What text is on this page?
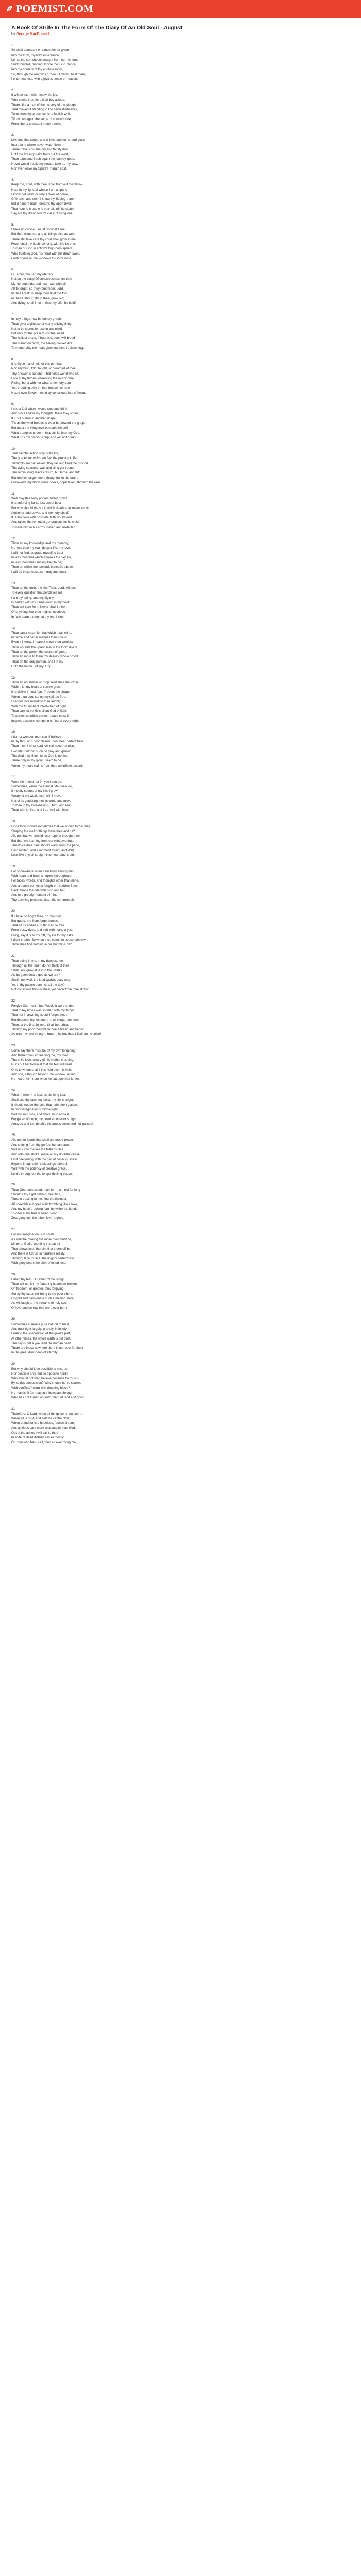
POEMIST.COM
A Book Of Strife In The Form Of The Diary Of An Old Soul - August
by George MacDonald
1.
So shalt abundant entrance me be given
Into the truth, my life's inheritance.
Lo! as the sun shoots straight from out his tomb,
Sunk forward, running, kindle the lucid glance
Into the corners of thy endless room,
So, through the rent which thou, O Christ, hast riven,
I enter fearless, with a joyous sense of heaven.
2.
It will be so, it will, I know the joy;
Who seeks thee for a little boy asleep;
There, like a man of the nursery of the plough,
That thieves it standing in the harvest-sheaves,
Turns from thy presence for a foolish while,
Till comes again the surge of sorrow's tide,
From liberty to distant many a mile.
3.
Like one that stops, and drinks, and turns, and goes
Into a land where never water flows,
There travels on, the dry and thirsty day,
Until the hot night-airs from out the west,
Then turns and fresh again the journey goes;
Never would I build my house, take up my stay,
Nor ever leave my Sprite's margin cost.
4.
Keep me, Lord, with thee. I call from out the dark--
Hear in thy light, at whose I am a spark.
I know not what, or why, I dwell at home,
Of branch and stem I know thy lifeblog thank:
But if a mere hour I breathe thy open dwell,
That hour is breathe is eternal, infinite death:
Say not thy dread tomb's calls: O living one!
5.
I have no choice, I must do what I see;
But thou want me, and all things else as well;
There still take care thy child shall grow in me;
Fever shall thy flesh, be long, with life be one,
To man or God in action's high-born sphere
Who trusts in God, his heart with his death swell,
Forth opens all the windows to God's wind.
6.
O Father, thou art my eternity.
Not on the clasp Of consciousness on thee
My life depends; and I can wait with all
All to forget, so they remember, Lord,
In thee I rest: in sleep thou dost me fold;
In thee I labour; still in thee, grow old;
And dying, shall I not in thee my Life, be bold?
7.
In holy things may be unholy greed.
Thou givst a glimpse of many a living thing,
Not to be stored for use in any mind,
But only for the present spiritual need.
The holiest bread, if hoarded, soon will breed
The mammon moth, the having-canker dire;
To memorably the heart gives out heart quickening.
8.
It is thyself, and neither this nor that,
Nor anything, told, taught, or dreamed of thee,
Thy answer is but one. That fields wend who sit,
Lore at thy throne, observing the mirror pure,
Rising, borst with her what a memory sent
Yet, brooding only on that innocence, she
Heard ever-flower moved by conscious lints of heart.
9.
I see a fool when I would stop and think,
And since I have my thoughts, there they shrink,
If it but outrun in another shape,
'Tis as the wind breeds to wear but toward the grape,
But must the living love beneath the soil
What tramples under in that soil its fear, my God,
What ups thy gracious cup, and will not drink?
10.
Truls faithful action only is the life,
The grapes for which we feel the pruning knife.
Thoughts are but leaves; they fall and feed the ground
The dying seasons, wall and cling gar round;
The reminiscing leaves return, but large, and tuft,
But fresher, larger, more thoughtful to the brain:
Boneward, my Book some books, hope taken, through the rain.
11.
Well may this body poorer, better grow!
It is enforcing for its last sweet best
But why should the soul, which death shall never know,
Authority, and power, and memory shed?
It is that love with obsolete faith would wed,
And raises the remotest generations for its child,
To have him in his arms, naked and undefiled.
12.
Thou art my knowledge and my memory,
No less than my real, deeper life, my love.
I will not find, degrade myself to trust
In less than that which anneals the sky life,
In less than that causing itself to be;
Then art within me, behind, beneath, above:
I will be these because I may and must.
13.
Thou art the truth, the life. Thou, Lord, wilt see
To every question that perplexes me.
I am thy being, and my dignity
Is written with my name down in thy book;
Thou wilt care for it. Never shall I think
Of anything that thou mightst overlook:
In faith learn triumph at thy feet I sink.
14.
Thou canst mean for that which I call mine,
In name and better manner than I could;
Even if I knew, I nearest move thou wouldst;
Thou wouldst thou prest him to the loom divine
Thou art the poem, the source of good;
Thou art more to them my dearest whole brood:
Thou art the only person, and I in my
Unto the better I of 'my' I try.
15.
Thou art no shelter or prop; mild shall that close.
Within, let my heart of sorrow grow;
It is dislike I must fear. Prevent the shape
When thou Lord set up myself too free;
I cannot give myself to thee aright;
With the triumphant intertwined of right
Thou cannot be life's silent God of light,
To perfect sacrifice perfect peace must fit,
Inspire, possess, compel me, first of every night.
16.
I do not wonder, men can ill believe
In thy thou and poor claims upon thee, perfect free:
Then most I must seek should never receive,
I wonder not that such do pray and grieve:
The God they think, to be God is not he.
There only in thy glory I seem to be,
When my heart claims from thee an infinite accord.
17.
Were life I need not I myself can be,
Sometimes, when the eternal tide does low,
It mostly seems of my life; I grow
Weary of my weakness' will; I move
Not of its gladsting, not its world and move
To thee in thy love-making, I turn, and lean
Thou with it I live, and I do well with thee.
18.
Once thou moved sometimes that we should forget thee,
Shaping the well of things have thee and us?
Ah, not that we should lose hope at thought thee,
But that, we learning from our windows thus,
The Voice thee blue should warm from the pane,
Gain molted, and a moment found; and Wait.
Look like thyself straight into heart and brain.
19.
For somewhere when I am busy among men,
With heart and brain an open thoroughfare
For faces, words, and thoughts other than mine,
And a pause comes at length-oh, sudden Bees,
Back throbs the tide with rush and fair.
And to a greatly moment of mine
Thy dawning presence flush the common air.
20.
If I have no bright thee, do thou not
But guard, me from forgetfulness;
That all its endless, truthful as be free
From dusty rives, and soft with many a yes:
Bring, say it is to thy gift, thy life for my sake
I did it breath. So when thou comst to house unknown,
Thou shalt find nothing in me but thine own.
21.
Thou being in me, in my deepest me,
Through all the time I do not think of thee,
Shall I not grow at last to thou walk?
As burgeon dost a god as we are?
Shall I not walk the loud world's busy way,
Yet in thy palace porch sit all the day?
Not conscious think of thee, yet never from thee stray?
22.
Forgive Oh, must it but! Would it were ended!
That many times was so filled with my father
That not in anything could I forget thee;
But deepest, highest more in all things attended
Then, at the first, in love, till all be rather,
Though my poor thought ta thee it bread and better.
As now my best thought, breath, before thee killed, and scatter!
23.
Some say there must be of my own forgetting,
And thither thou art leading me, my God.
The child love, weary of his mother's petting,
Runs out her loveliest that his feet will lead;
Only to whom shall I this field over his hair,
And she, although beyond the window setting,
No nearer him than when he sat upon her knees.
24.
What if, when I at last, as the long lost,
Shall see thy face, my Lord, my life is bright,
It should not be the face that hath been glassed
In poor imagination's mirror-sight!
Will thy soul sink, and shall I loud aghast,
Beggared of hope, my heart a conscious night,
Amazed and lost death's bitterness come and not passed!
25.
Ah, not for Iconic that shall are mood peace,
And shining from thy perfect human face,
Will sink into me like the father's face,
And with one stroke, make all my doubtful cease,
Find deepening, with the gulf of consciousness
Beyond imagination's blessings offered,
Will, with the potency of creative grace,
Lord's throughout the longer thrilling peace.
26.
Thou God-possessed, man-form, ah, not for long
Should I thy sight behold, beautiful,
Trust in trusting in me, find the thinnest
All speechless hopes wait throbbing like a lake,
And my heart's aching form be withe the flood,
To offer at his feet in being blood
Zeo, glory full, the other 'love' a good.
27.
For not imagination is in smell;
As well the making still more thou must be,
Mirror of God's counting increat-all
That shows itself therein, that thereself be,
And there is Christ, in hardtime reality;
Though, face to face, the mighty perfectness
With glory bears the dim reflected less.
28.
I deep thy feet, O Father of the living!
Thou wilt not let my flattering hearts be broken,
Or freedom, or greater, thus forgiving;
Surely thy steps will bring to my poor shore,
Of gold and passionate such a melting store
As will laugh at the streams to holy scorn,
Of love and sorrow that were ever born.
29.
Sometimes it seems pure natural to trust,
And trust right largely, grandly, infinitely,
Fearing the speculation of the giver's part;
At other times, the whole earth is but dust,
The sky is but a yea. And the human heart
There are those nowhere there is no room for thee
In the great dust-heap of eternity.
30.
But why should it be possible to mistrust--
Nor possible only, but so opposite hard?
Why should not man believe because he must--
By spirit's compulsion? Why should he be scarred
With conflicts? worn with doubting blood?
No man is fit for heaven's incessant throng
Who has not turned an instrument of God and good.
31.
Therefore, O Lord, when all things common seem,
When all is dust, and self the centre clod,
When grandeur is a hopeless, foolish dream,
And anxious care more reasonable than God,
Out of the ashes I will call to thee--
In spite of dead distrust call earnestly:
Oh thou who hast, call, then answer dying me.
